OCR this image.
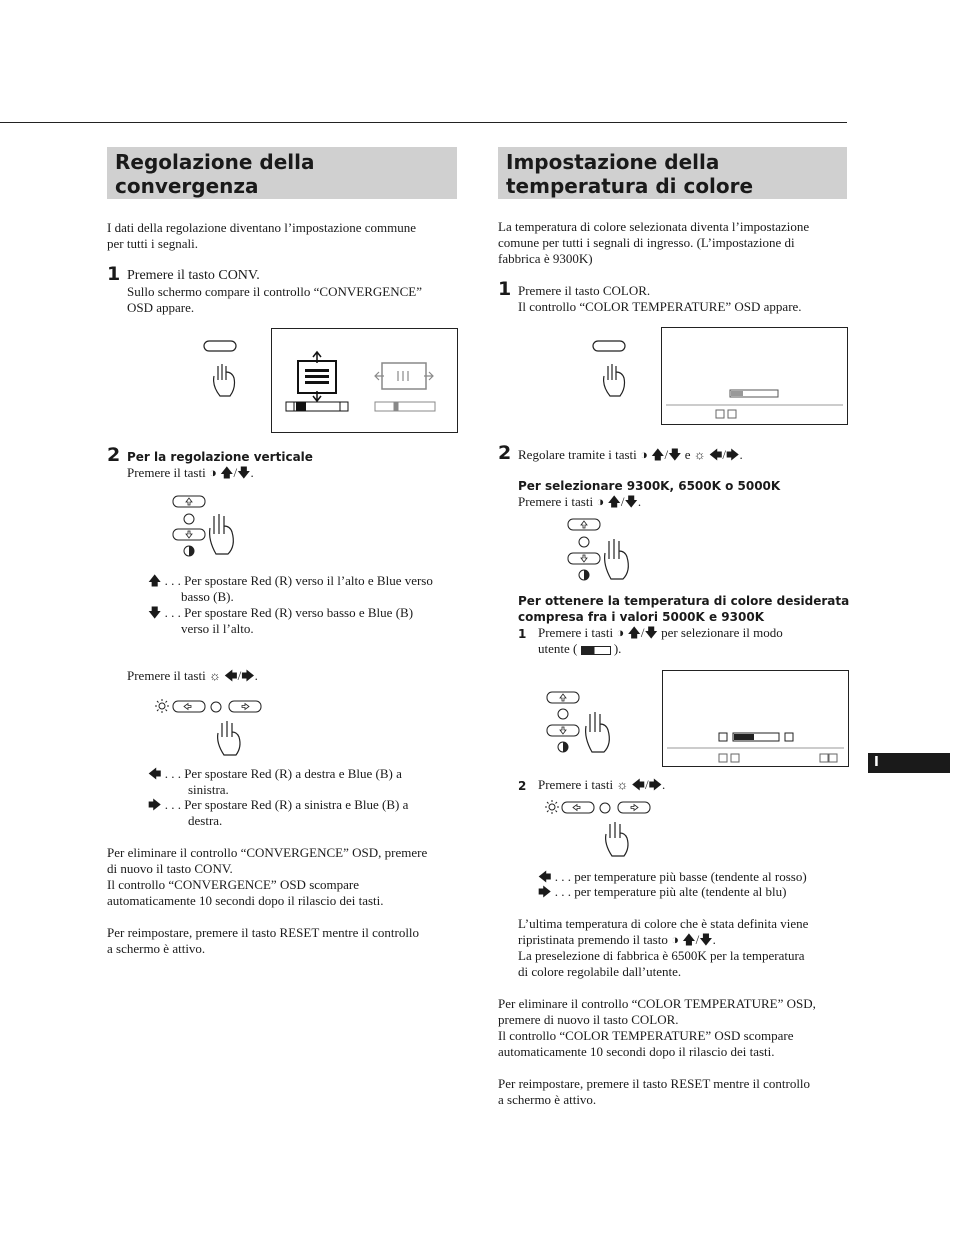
Regolazione della
convergenza
I dati della regolazione diventano l’impostazione commune
per tutti i segnali.
1 Premere il tasto CONV.
Sullo schermo compare il controllo “CONVERGENCE”
OSD appare.
2 Per la regolazione verticale
Premere il tasti ◑ 🡅/🡇.
🡅 . . . Per spostare Red (R) verso il l’alto e Blue verso
basso (B).
🡇 . . . Per spostare Red (R) verso basso e Blue (B)
verso il l’alto.
Premere il tasti ☼ 🡄/🡆.
🡄 . . . Per spostare Red (R) a destra e Blue (B) a
sinistra.
🡆 . . . Per spostare Red (R) a sinistra e Blue (B) a
destra.
Per eliminare il controllo “CONVERGENCE” OSD, premere
di nuovo il tasto CONV.
Il controllo “CONVERGENCE” OSD scompare
automaticamente 10 secondi dopo il rilascio dei tasti.
Per reimpostare, premere il tasto RESET mentre il controllo
a schermo è attivo.
Impostazione della
temperatura di colore
La temperatura di colore selezionata diventa l’impostazione
comune per tutti i segnali di ingresso. (L’impostazione di
fabbrica è 9300K)
1 Premere il tasto COLOR.
Il controllo “COLOR TEMPERATURE” OSD appare.
2 Regolare tramite i tasti ◑ 🡅/🡇 e ☼ 🡄/🡆.
Per selezionare 9300K, 6500K o 5000K
Premere i tasti ◑ 🡅/🡇.
Per ottenere la temperatura di colore desiderata
compresa fra i valori 5000K e 9300K
1 Premere i tasti ◑ 🡅/🡇 per selezionare il modo
utente (	).
I
2 Premere i tasti ☼ 🡄/🡆.
🡄 . . . per temperature più basse (tendente al rosso)
🡆 . . . per temperature più alte (tendente al blu)
L’ultima temperatura di colore che è stata definita viene
ripristinata premendo il tasto ◑ 🡅/🡇.
La preselezione di fabbrica è 6500K per la temperatura
di colore regolabile dall’utente.
Per eliminare il controllo “COLOR TEMPERATURE” OSD,
premere di nuovo il tasto COLOR.
Il controllo “COLOR TEMPERATURE” OSD scompare
automaticamente 10 secondi dopo il rilascio dei tasti.
Per reimpostare, premere il tasto RESET mentre il controllo
a schermo è attivo.
